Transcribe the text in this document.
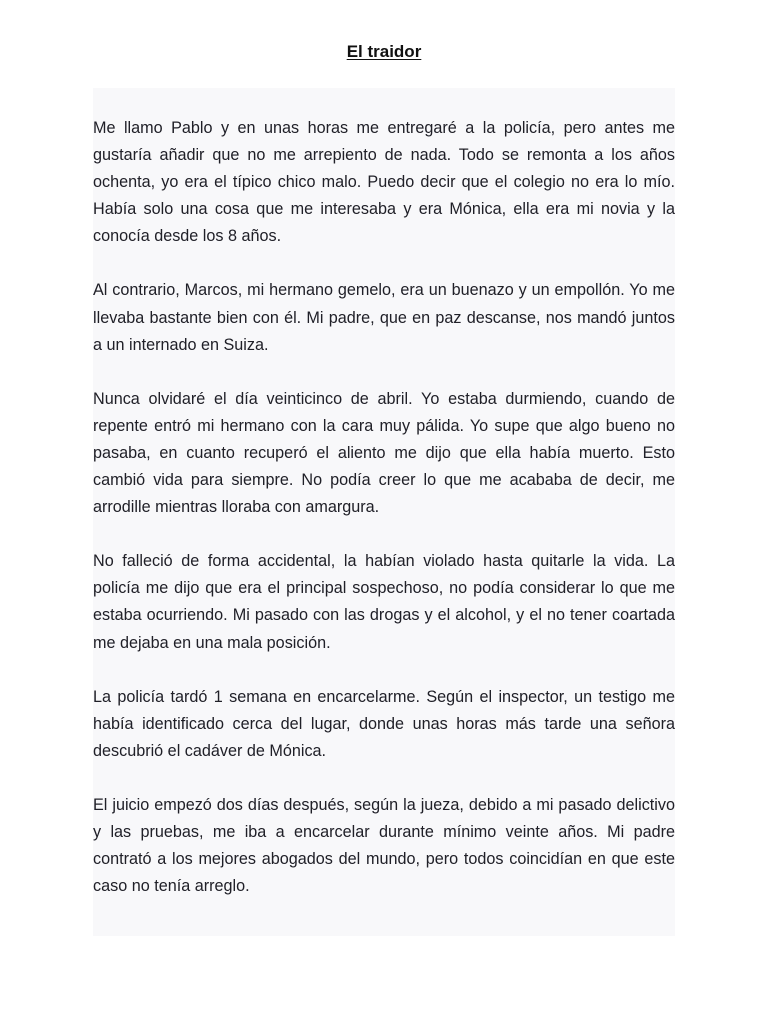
El traidor

Me llamo Pablo y en unas horas me entregaré a la policía, pero antes me gustaría añadir que no me arrepiento de nada. Todo se remonta a los años ochenta, yo era el típico chico malo. Puedo decir que el colegio no era lo mío. Había solo una cosa que me interesaba y era Mónica, ella era mi novia y la conocía desde los 8 años.

Al contrario, Marcos, mi hermano gemelo, era un buenazo y un empollón. Yo me llevaba bastante bien con él. Mi padre, que en paz descanse, nos mandó juntos a un internado en Suiza.

Nunca olvidaré el día veinticinco de abril. Yo estaba durmiendo, cuando de repente entró mi hermano con la cara muy pálida. Yo supe que algo bueno no pasaba, en cuanto recuperó el aliento me dijo que ella había muerto. Esto cambió vida para siempre. No podía creer lo que me acababa de decir, me arrodille mientras lloraba con amargura.

No falleció de forma accidental, la habían violado hasta quitarle la vida. La policía me dijo que era el principal sospechoso, no podía considerar lo que me estaba ocurriendo. Mi pasado con las drogas y el alcohol, y el no tener coartada me dejaba en una mala posición.

La policía tardó 1 semana en encarcelarme. Según el inspector, un testigo me había identificado cerca del lugar, donde unas horas más tarde una señora descubrió el cadáver de Mónica.

El juicio empezó dos días después, según la jueza, debido a mi pasado delictivo y las pruebas, me iba a encarcelar durante mínimo veinte años. Mi padre contrató a los mejores abogados del mundo, pero todos coincidían en que este caso no tenía arreglo.
